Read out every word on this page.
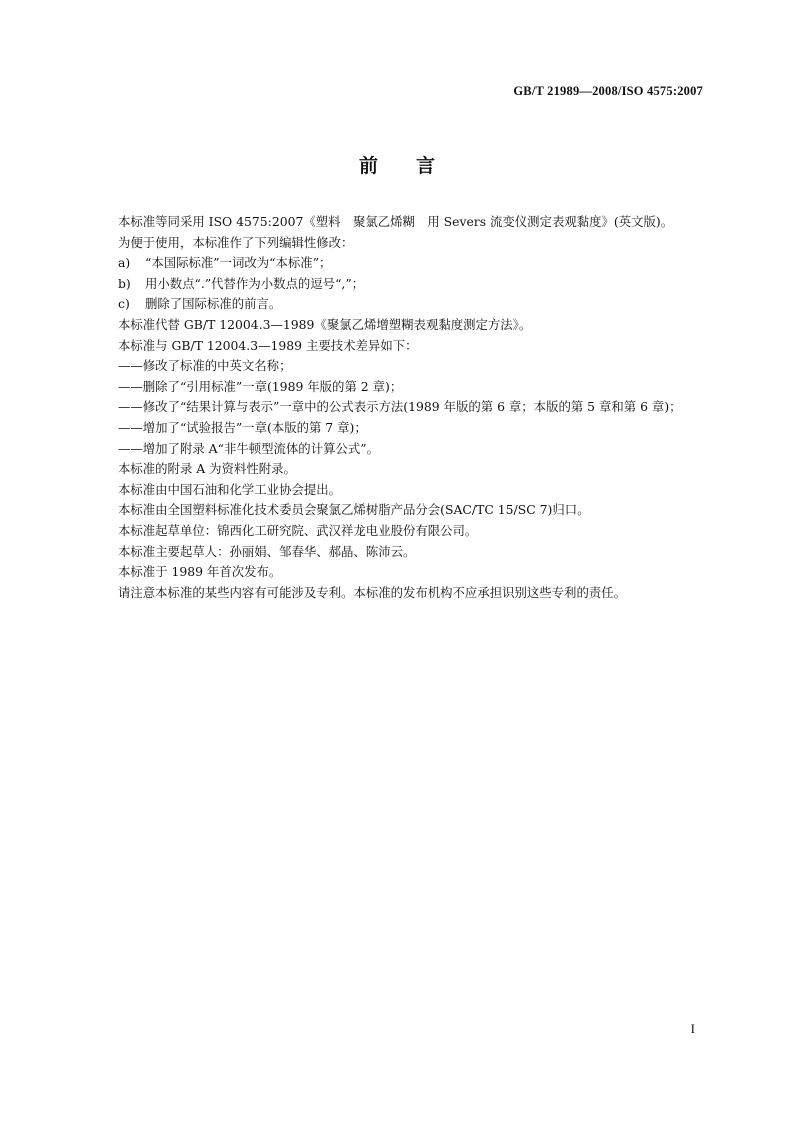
GB/T 21989—2008/ISO 4575:2007
前 言

本标准等同采用 ISO 4575:2007《塑料　聚氯乙烯糊　用 Severs 流变仪测定表观黏度》(英文版)。

为便于使用，本标准作了下列编辑性修改：

a) “本国际标准”一词改为“本标准”；

b) 用小数点“.”代替作为小数点的逗号“,”；

c) 删除了国际标准的前言。

本标准代替 GB/T 12004.3—1989《聚氯乙烯增塑糊表观黏度测定方法》。

本标准与 GB/T 12004.3—1989 主要技术差异如下：

——修改了标准的中英文名称；

——删除了“引用标准”一章(1989 年版的第 2 章)；

——修改了“结果计算与表示”一章中的公式表示方法(1989 年版的第 6 章；本版的第 5 章和第 6 章)；

——增加了“试验报告”一章(本版的第 7 章)；

——增加了附录 A“非牛顿型流体的计算公式”。

本标准的附录 A 为资料性附录。

本标准由中国石油和化学工业协会提出。

本标准由全国塑料标准化技术委员会聚氯乙烯树脂产品分会(SAC/TC 15/SC 7)归口。

本标准起草单位：锦西化工研究院、武汉祥龙电业股份有限公司。

本标准主要起草人：孙丽娟、邹春华、郝晶、陈沛云。

本标准于 1989 年首次发布。

请注意本标准的某些内容有可能涉及专利。本标准的发布机构不应承担识别这些专利的责任。

I
